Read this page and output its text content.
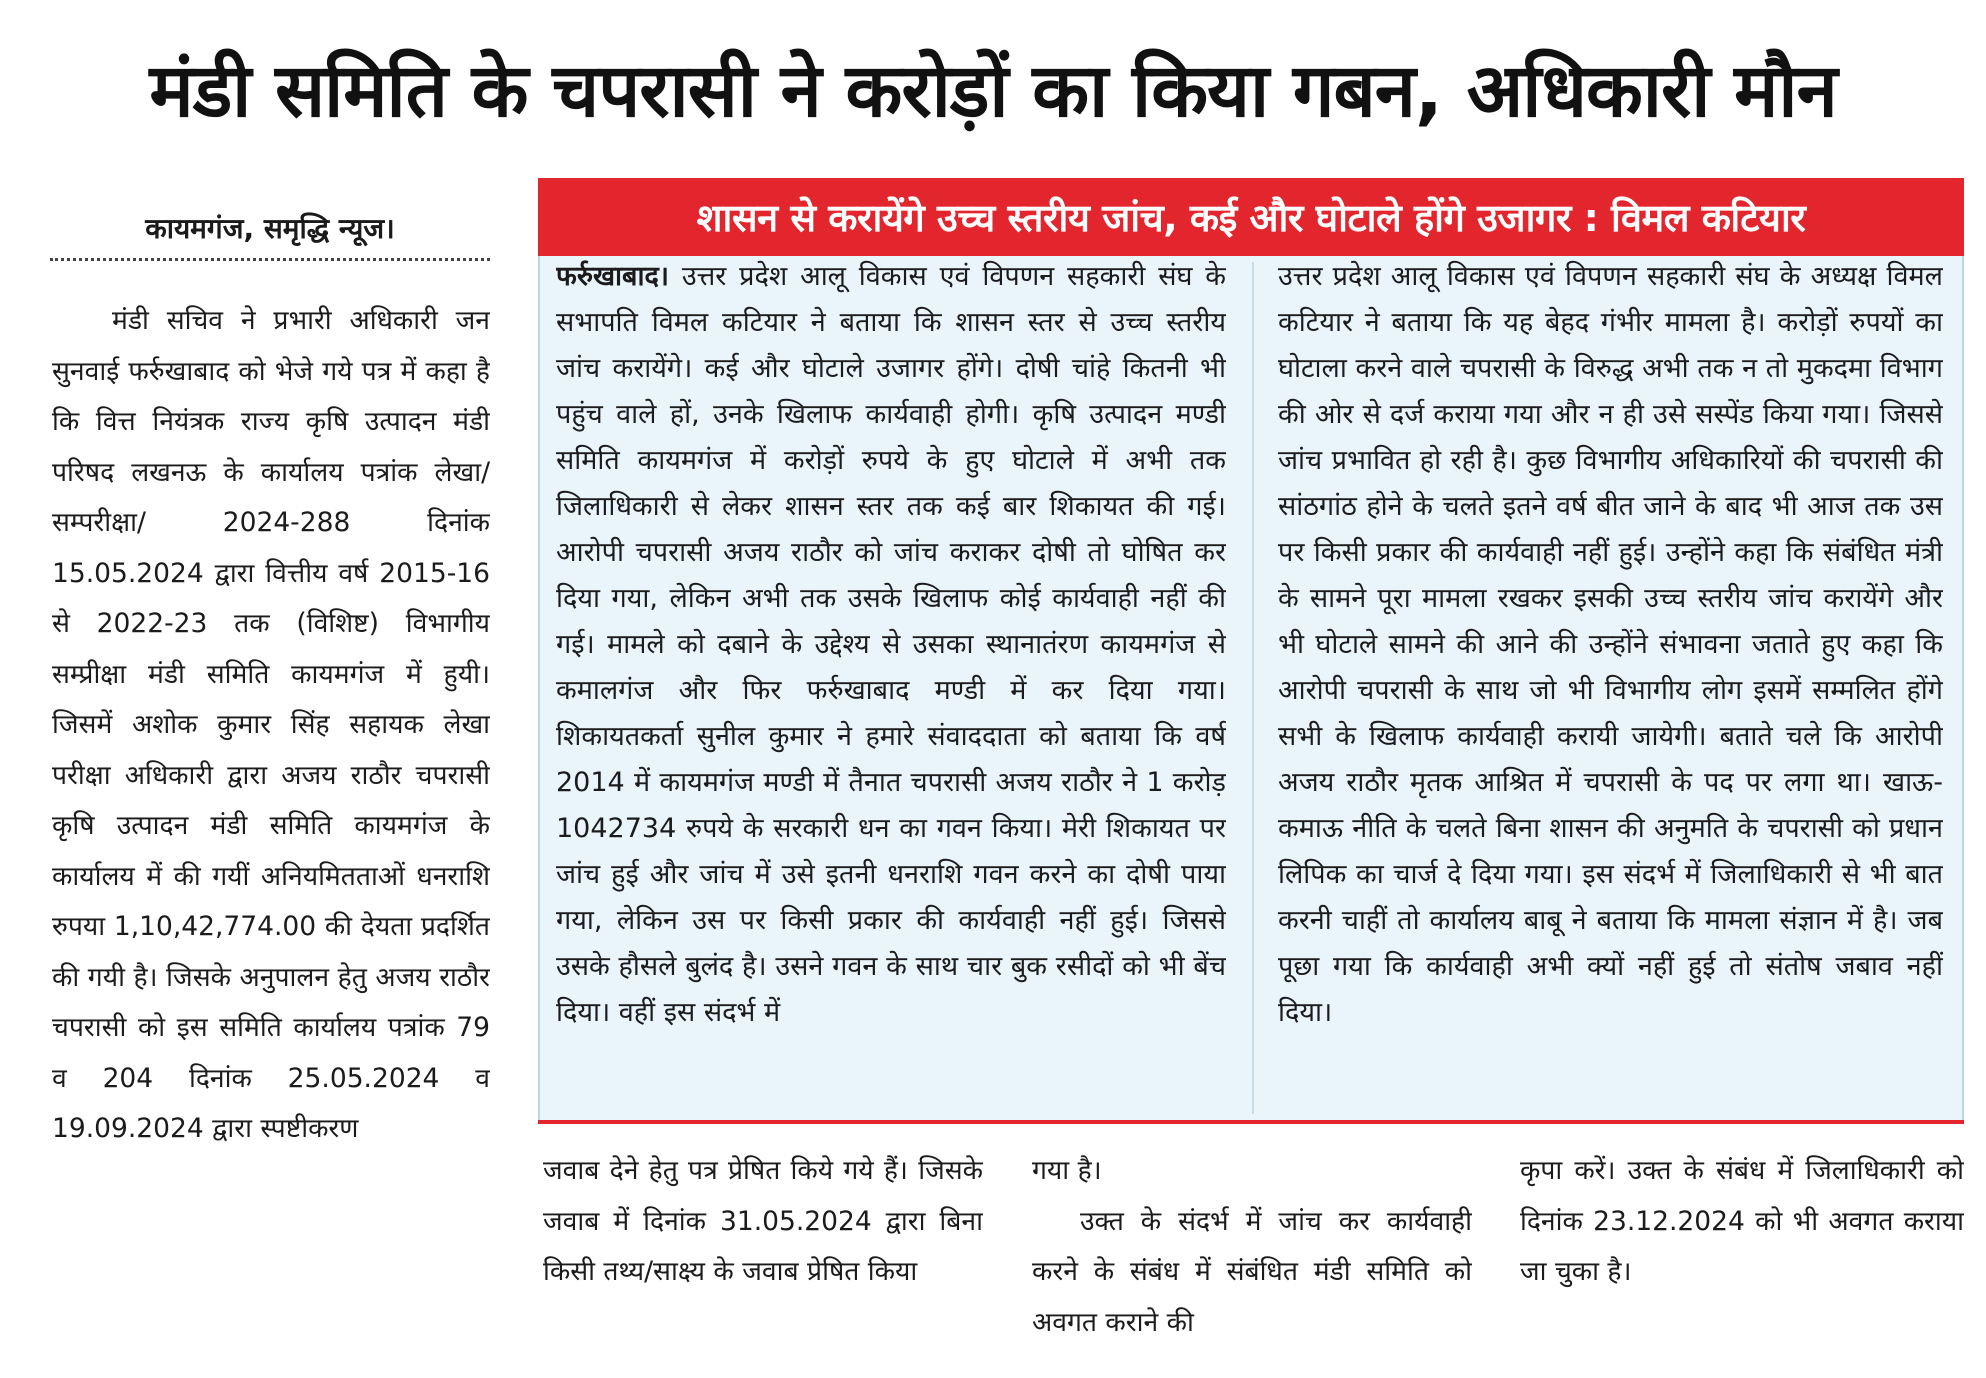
मंडी समिति के चपरासी ने करोड़ों का किया गबन, अधिकारी मौन
कायमगंज, समृद्धि न्यूज।
मंडी सचिव ने प्रभारी अधिकारी जन सुनवाई फर्रुखाबाद को भेजे गये पत्र में कहा है कि वित्त नियंत्रक राज्य कृषि उत्पादन मंडी परिषद लखनऊ के कार्यालय पत्रांक लेखा/ सम्परीक्षा/ 2024-288 दिनांक 15.05.2024 द्वारा वित्तीय वर्ष 2015-16 से 2022-23 तक (विशिष्ट) विभागीय सम्प्रीक्षा मंडी समिति कायमगंज में हुयी। जिसमें अशोक कुमार सिंह सहायक लेखा परीक्षा अधिकारी द्वारा अजय राठौर चपरासी कृषि उत्पादन मंडी समिति कायमगंज के कार्यालय में की गयीं अनियमितताओं धनराशि रुपया 1,10,42,774.00 की देयता प्रदर्शित की गयी है। जिसके अनुपालन हेतु अजय राठौर चपरासी को इस समिति कार्यालय पत्रांक 79 व 204 दिनांक 25.05.2024 व 19.09.2024 द्वारा स्पष्टीकरण
शासन से करायेंगे उच्च स्तरीय जांच, कई और घोटाले होंगे उजागर : विमल कटियार
फर्रुखाबाद। उत्तर प्रदेश आलू विकास एवं विपणन सहकारी संघ के सभापति विमल कटियार ने बताया कि शासन स्तर से उच्च स्तरीय जांच करायेंगे। कई और घोटाले उजागर होंगे। दोषी चांहे कितनी भी पहुंच वाले हों, उनके खिलाफ कार्यवाही होगी। कृषि उत्पादन मण्डी समिति कायमगंज में करोड़ों रुपये के हुए घोटाले में अभी तक जिलाधिकारी से लेकर शासन स्तर तक कई बार शिकायत की गई। आरोपी चपरासी अजय राठौर को जांच कराकर दोषी तो घोषित कर दिया गया, लेकिन अभी तक उसके खिलाफ कोई कार्यवाही नहीं की गई। मामले को दबाने के उद्देश्य से उसका स्थानातंरण कायमगंज से कमालगंज और फिर फर्रुखाबाद मण्डी में कर दिया गया। शिकायतकर्ता सुनील कुमार ने हमारे संवाददाता को बताया कि वर्ष 2014 में कायमगंज मण्डी में तैनात चपरासी अजय राठौर ने 1 करोड़ 1042734 रुपये के सरकारी धन का गवन किया। मेरी शिकायत पर जांच हुई और जांच में उसे इतनी धनराशि गवन करने का दोषी पाया गया, लेकिन उस पर किसी प्रकार की कार्यवाही नहीं हुई। जिससे उसके हौसले बुलंद है। उसने गवन के साथ चार बुक रसीदों को भी बेंच दिया। वहीं इस संदर्भ में
उत्तर प्रदेश आलू विकास एवं विपणन सहकारी संघ के अध्यक्ष विमल कटियार ने बताया कि यह बेहद गंभीर मामला है। करोड़ों रुपयों का घोटाला करने वाले चपरासी के विरुद्ध अभी तक न तो मुकदमा विभाग की ओर से दर्ज कराया गया और न ही उसे सस्पेंड किया गया। जिससे जांच प्रभावित हो रही है। कुछ विभागीय अधिकारियों की चपरासी की सांठगांठ होने के चलते इतने वर्ष बीत जाने के बाद भी आज तक उस पर किसी प्रकार की कार्यवाही नहीं हुई। उन्होंने कहा कि संबंधित मंत्री के सामने पूरा मामला रखकर इसकी उच्च स्तरीय जांच करायेंगे और भी घोटाले सामने की आने की उन्होंने संभावना जताते हुए कहा कि आरोपी चपरासी के साथ जो भी विभागीय लोग इसमें सम्मलित होंगे सभी के खिलाफ कार्यवाही करायी जायेगी। बताते चले कि आरोपी अजय राठौर मृतक आश्रित में चपरासी के पद पर लगा था। खाऊ-कमाऊ नीति के चलते बिना शासन की अनुमति के चपरासी को प्रधान लिपिक का चार्ज दे दिया गया। इस संदर्भ में जिलाधिकारी से भी बात करनी चाहीं तो कार्यालय बाबू ने बताया कि मामला संज्ञान में है। जब पूछा गया कि कार्यवाही अभी क्यों नहीं हुई तो संतोष जबाव नहीं दिया।
जवाब देने हेतु पत्र प्रेषित किये गये हैं। जिसके जवाब में दिनांक 31.05.2024 द्वारा बिना किसी तथ्य/साक्ष्य के जवाब प्रेषित किया
गया है।
उक्त के संदर्भ में जांच कर कार्यवाही करने के संबंध में संबंधित मंडी समिति को अवगत कराने की
कृपा करें। उक्त के संबंध में जिलाधिकारी को दिनांक 23.12.2024 को भी अवगत कराया जा चुका है।
